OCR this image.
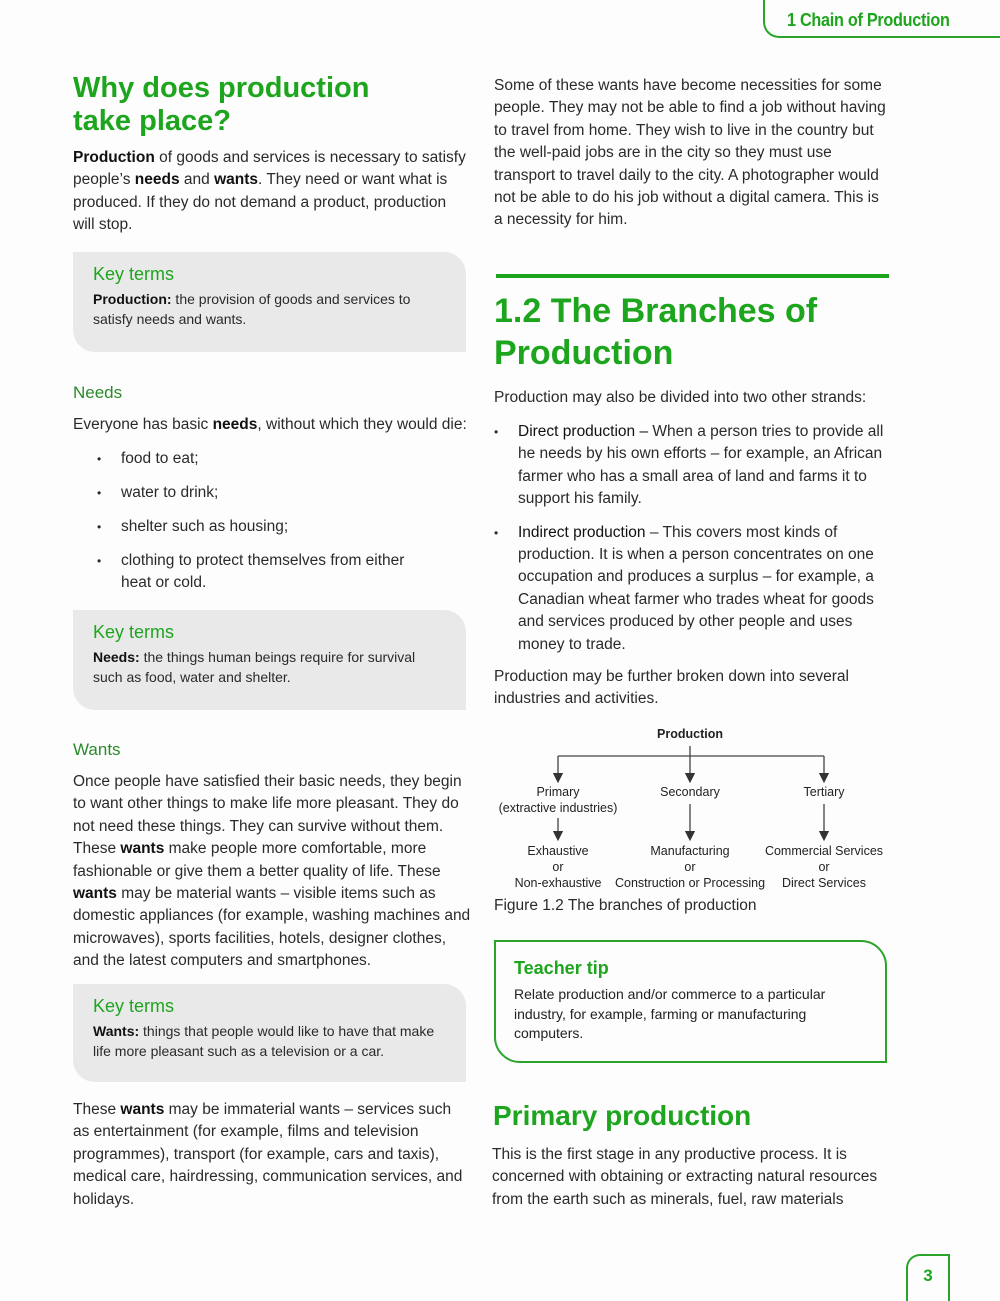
1 Chain of Production
Why does production
take place?

Production of goods and services is necessary to satisfy people’s needs and wants. They need or want what is produced. If they do not demand a product, production will stop.

Key terms
Production: the provision of goods and services to satisfy needs and wants.
Needs

Everyone has basic needs, without which they would die:

• food to eat;
• water to drink;
• shelter such as housing;
• clothing to protect themselves from either heat or cold.
Key terms
Needs: the things human beings require for survival such as food, water and shelter.
Wants

Once people have satisfied their basic needs, they begin to want other things to make life more pleasant. They do not need these things. They can survive without them. These wants make people more comfortable, more fashionable or give them a better quality of life. These wants may be material wants – visible items such as domestic appliances (for example, washing machines and microwaves), sports facilities, hotels, designer clothes, and the latest computers and smartphones.

Key terms
Wants: things that people would like to have that make life more pleasant such as a television or a car.

These wants may be immaterial wants – services such as entertainment (for example, films and television programmes), transport (for example, cars and taxis), medical care, hairdressing, communication services, and holidays.

Some of these wants have become necessities for some people. They may not be able to find a job without having to travel from home. They wish to live in the country but the well-paid jobs are in the city so they must use transport to travel daily to the city. A photographer would not be able to do his job without a digital camera. This is a necessity for him.

1.2 The Branches of
Production

Production may also be divided into two other strands:

• Direct production – When a person tries to provide all he needs by his own efforts – for example, an African farmer who has a small area of land and farms it to support his family.
• Indirect production – This covers most kinds of production. It is when a person concentrates on one occupation and produces a surplus – for example, a Canadian wheat farmer who trades wheat for goods and services produced by other people and uses money to trade.

Production may be further broken down into several industries and activities.

Production
Primary
(extractive industries)
Secondary	Tertiary
Exhaustive
or
Non-exhaustive
Manufacturing
or
Construction or Processing
Commercial Services
or
Direct Services
Figure 1.2 The branches of production
Teacher tip
Relate production and/or commerce to a particular industry, for example, farming or manufacturing computers.
Primary production

This is the first stage in any productive process. It is concerned with obtaining or extracting natural resources from the earth such as minerals, fuel, raw materials

3
